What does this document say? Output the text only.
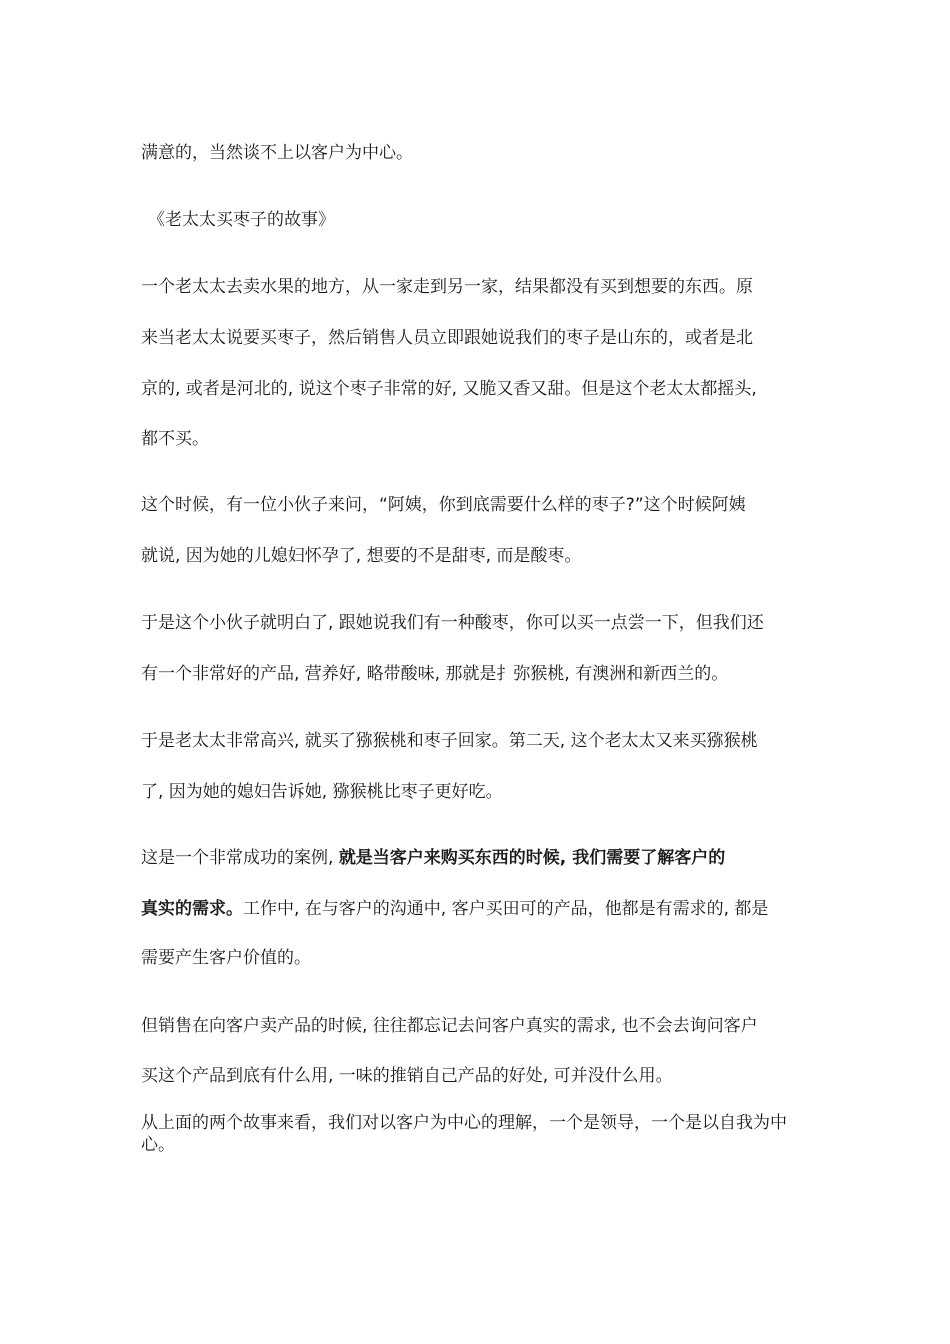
满意的，当然谈不上以客户为中心。
《老太太买枣子的故事》
一个老太太去卖水果的地方，从一家走到另一家，结果都没有买到想要的东西。原
来当老太太说要买枣子，然后销售人员立即跟她说我们的枣子是山东的，或者是北
京的, 或者是河北的, 说这个枣子非常的好, 又脆又香又甜。但是这个老太太都摇头,
都不买。
这个时候，有一位小伙子来问，“阿姨，你到底需要什么样的枣子?”这个时候阿姨
就说, 因为她的儿媳妇怀孕了, 想要的不是甜枣, 而是酸枣。
于是这个小伙子就明白了, 跟她说我们有一种酸枣，你可以买一点尝一下，但我们还
有一个非常好的产品, 营养好, 略带酸味, 那就是扌弥猴桃, 有澳洲和新西兰的。
于是老太太非常高兴, 就买了猕猴桃和枣子回家。第二天, 这个老太太又来买猕猴桃
了, 因为她的媳妇告诉她, 猕猴桃比枣子更好吃。
这是一个非常成功的案例, 就是当客户来购买东西的时候, 我们需要了解客户的
真实的需求。工作中, 在与客户的沟通中, 客户买田可的产品，他都是有需求的, 都是
需要产生客户价值的。
但销售在向客户卖产品的时候, 往往都忘记去问客户真实的需求, 也不会去询问客户
买这个产品到底有什么用, 一味的推销自己产品的好处, 可并没什么用。
从上面的两个故事来看，我们对以客户为中心的理解，一个是领导，一个是以自我为中心。
